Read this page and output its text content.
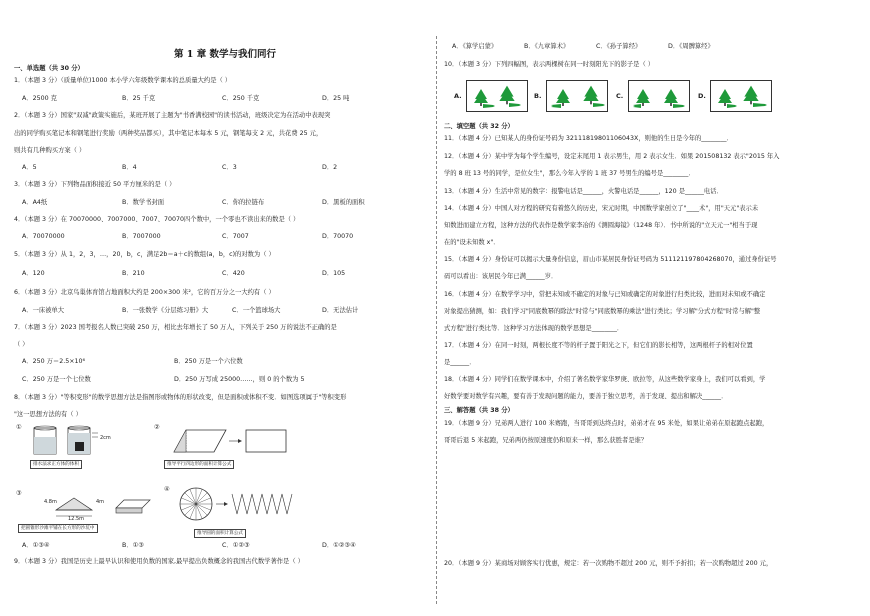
第 1 章 数学与我们同行
一、单选题（共 30 分）
1．（本题 3 分）（质量单位)1000 本小学六年级数学课本的总质量大约是（ ）
A．2500 克	B．25 千克	C．250 千克	D．25 吨
2．（本题 3 分）国家"双减"政策实施后，某班开展了主题为"书香满校园"的读书活动，班级决定为在活动中表现突
出的同学购买笔记本和钢笔进行奖励（两种奖品都买），其中笔记本每本 5 元，钢笔每支 2 元，共花费 25 元，
则共有几种购买方案（ ）
A．5	B．4	C．3	D．2
3．（本题 3 分）下列物品面积接近 50 平方厘米的是（ ）
A．A4纸	B．数学书封面	C．你的拉链布	D．黑板的面积
4．（本题 3 分）在 70070000、7007000、7007、70070四个数中，一个零也不读出来的数是（ ）
A．70070000	B．7007000	C．7007	D．70070
5．（本题 3 分）从 1，2，3，…，20，b，c，满足2b＝a＋c的数组(a，b，c)的对数为（ ）
A．120	B．210	C．420	D．105
6．（本题 3 分）北京鸟巢体育馆占地面积大约是 200×300 米²，它的百万分之一大约有（ ）
A．一床被单大	B．一张数学《分层练习册》大	C．一个篮球场大	D．无法估计
7．（本题 3 分）2023 国考报名人数已突破 250 万，相比去年增长了 50 万人，下列关于 250 万的说法不正确的是
（ ）
A．250 万＝2.5×10⁶	B．250 万是一个六位数
C．250 万是一个七位数	D．250 万写成 25000……，则 0 的个数为 5
8．（本题 3 分）"等积变形"的数学思想方法是指图形或物体的形状改变，但是面积或体积不变．如图选项属于"等积变形
"这一思想方法的有（ ）
①
2cm
排水法求正方体的体积
②
推导平行四边形的面积计算公式
③
4.8m	4m
12.5m
把圆锥形沙滩平铺在长方形的沙坑中
④
推导圆的面积计算公式
A．①③④	B．①③	C．①②③	D．①②③④
9．（本题 3 分）我国是历史上最早认识和使用负数的国家,最早提出负数概念的我国古代数学著作是（ ）
A．《算学启蒙》	B．《九章算术》	C．《孙子算经》	D．《周髀算经》
10．（本题 3 分）下列四幅图，表示两棵树在同一时刻阳光下的影子是（ ）
A.	B.	C.	D.
二、填空题（共 32 分）
11．（本题 4 分）已知某人的身份证号码为 32111819801106043X，则他的生日是今年的________．
12．（本题 4 分）某中学为每个学生编号，设定末尾用 1 表示男生，用 2 表示女生．如果 201508132 表示"2015 年入
学的 8 班 13 号的同学，是位女生"，那么今年入学的 1 班 37 号男生的编号是________．
13．（本题 4 分）生活中常见的数字：报警电话是______，火警电话是______，120 是______电话．
14．（本题 4 分）中国人对方程的研究有着悠久的历史，宋元时期，中国数学家创立了"____术"，用"天元"表示未
知数进而建立方程，这种方法的代表作是数学家李冶的《测圆海镜》（1248 年）．书中所说的"立天元一"相当于现
在的"设未知数 x"．
15．（本题 4 分）身份证可以揭示大量身份信息，眉山市某居民身份证号码为 511121197804268070，通过身份证号
码可以看出：该居民今年已满______岁．
16．（本题 4 分）在数学学习中，常把未知或不确定的对象与已知或确定的对象进行归类比较，进而对未知或不确定
对象提出猜测，如：我们学习"同底数幂的除法"时常与"同底数幂的乘法"进行类比；学习解"分式方程"时常与解"整
式方程"进行类比等．这种学习方法体现的数学思想是________．
17．（本题 4 分）在同一时刻，两根长度不等的杆子置于阳光之下，但它们的影长相等，这两根杆子的相对位置
是______．
18．（本题 4 分）同学们在数学课本中，介绍了著名数学家华罗庚、欧拉等，从这些数学家身上，我们可以看到，学
好数学要对数学有兴趣，要有善于发现问题的能力，要善于独立思考，善于发现、提出和解决______．
三、解答题（共 38 分）
19．（本题 9 分）兄弟两人进行 100 米赛跑，当哥哥到达终点时，弟弟才在 95 米处，如果让弟弟在原起跑点起跑，
哥哥后退 5 米起跑，兄弟两仍按原速度仍和原来一样，那么获胜者是谁？
20．（本题 9 分）某商场对顾客实行优惠，规定：若一次购物不超过 200 元，则不予折扣；若一次购物超过 200 元，
